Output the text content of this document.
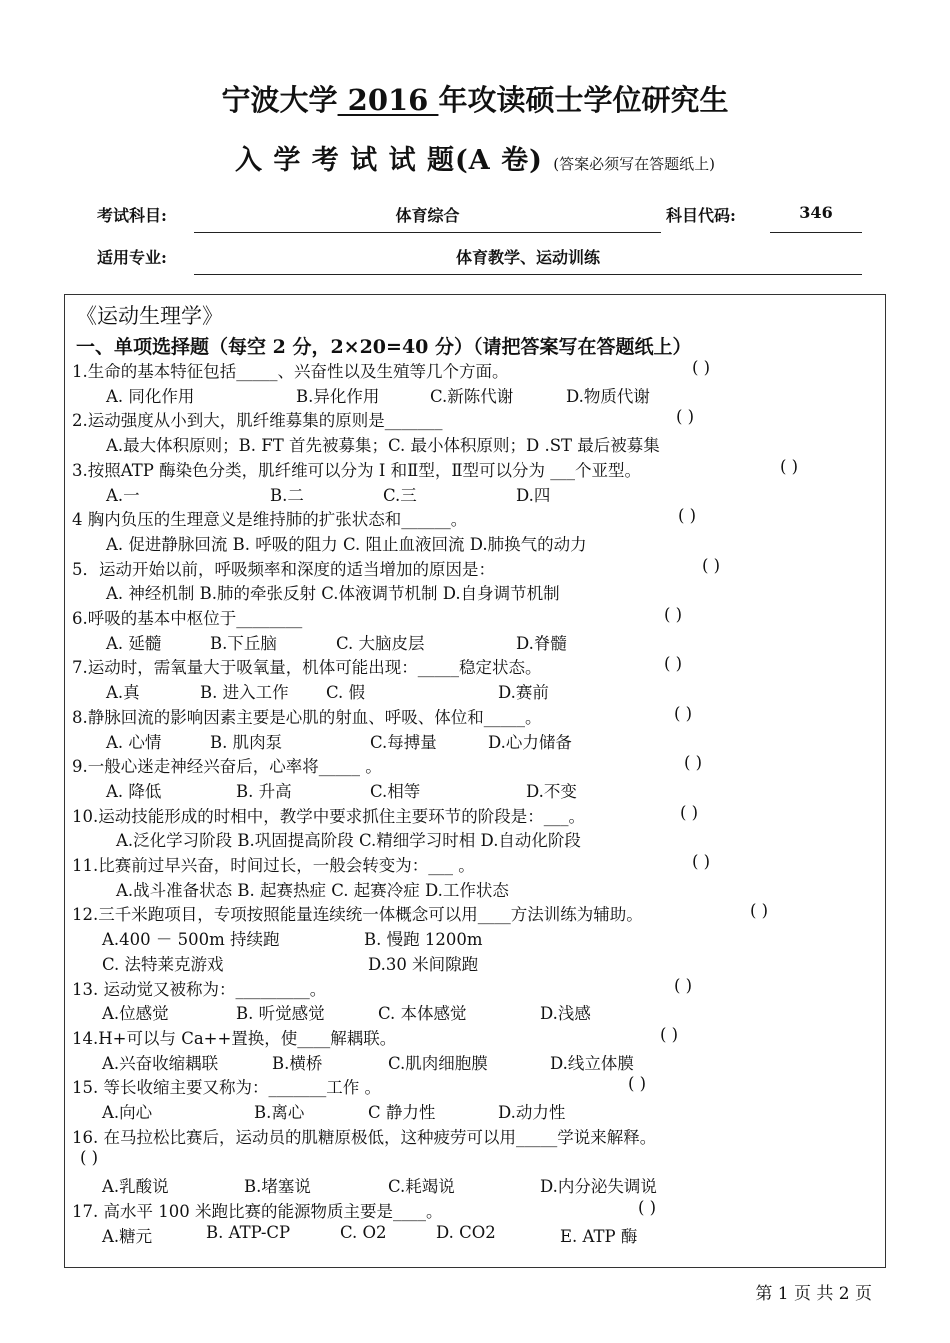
宁波大学 2016 年攻读硕士学位研究生
入 学 考 试 试 题(A 卷) (答案必须写在答题纸上)
考试科目:	体育综合	科目代码:	346
适用专业:	体育教学、运动训练
《运动生理学》
一、单项选择题（每空 2 分，2×20=40 分）（请把答案写在答题纸上）
1.生命的基本特征包括_____、兴奋性以及生殖等几个方面。	( )
A. 同化作用	B.异化作用	C.新陈代谢	D.物质代谢
2.运动强度从小到大，肌纤维募集的原则是_______	( )
A.最大体积原则；B. FT 首先被募集；C. 最小体积原则；D .ST 最后被募集
3.按照ATP 酶染色分类，肌纤维可以分为 I 和Ⅱ型，Ⅱ型可以分为 ___个亚型。	( )
A.一	B.二	C.三	D.四
4 胸内负压的生理意义是维持肺的扩张状态和______。	( )
A. 促进静脉回流 B. 呼吸的阻力 C. 阻止血液回流 D.肺换气的动力
5．运动开始以前，呼吸频率和深度的适当增加的原因是：	( )
A. 神经机制 B.肺的牵张反射 C.体液调节机制 D.自身调节机制
6.呼吸的基本中枢位于________	( )
A. 延髓	B.下丘脑	C. 大脑皮层	D.脊髓
7.运动时，需氧量大于吸氧量，机体可能出现：_____稳定状态。	( )
A.真	B. 进入工作 C. 假	D.赛前
8.静脉回流的影响因素主要是心肌的射血、呼吸、体位和_____。	( )
A. 心情	B. 肌肉泵	C.每搏量	D.心力储备
9.一般心迷走神经兴奋后，心率将_____ 。	( )
A. 降低	B. 升高	C.相等	D.不变
10.运动技能形成的时相中，教学中要求抓住主要环节的阶段是：___。	( )
A.泛化学习阶段 B.巩固提高阶段 C.精细学习时相 D.自动化阶段
11.比赛前过早兴奋，时间过长，一般会转变为：___ 。	( )
A.战斗准备状态 B. 起赛热症 C. 起赛冷症 D.工作状态
12.三千米跑项目，专项按照能量连续统一体概念可以用____方法训练为辅助。	( )
A.400 － 500m 持续跑	B. 慢跑 1200m
C. 法特莱克游戏	D.30 米间隙跑
13. 运动觉又被称为：_________。	( )
A.位感觉	B. 听觉感觉	C. 本体感觉	D.浅感
14.H+可以与 Ca++置换，使____解耦联。	( )
A.兴奋收缩耦联	B.横桥	C.肌肉细胞膜	D.线立体膜
15. 等长收缩主要又称为：_______工作 。	( )
A.向心	B.离心	C 静力性	D.动力性
16. 在马拉松比赛后，运动员的肌糖原极低，这种疲劳可以用_____学说来解释。
( )
A.乳酸说	B.堵塞说	C.耗竭说	D.内分泌失调说
17. 高水平 100 米跑比赛的能源物质主要是____。	( )
A.糖元	B. ATP-CP	C. O2	D. CO2	E. ATP 酶
第 1 页 共 2 页
